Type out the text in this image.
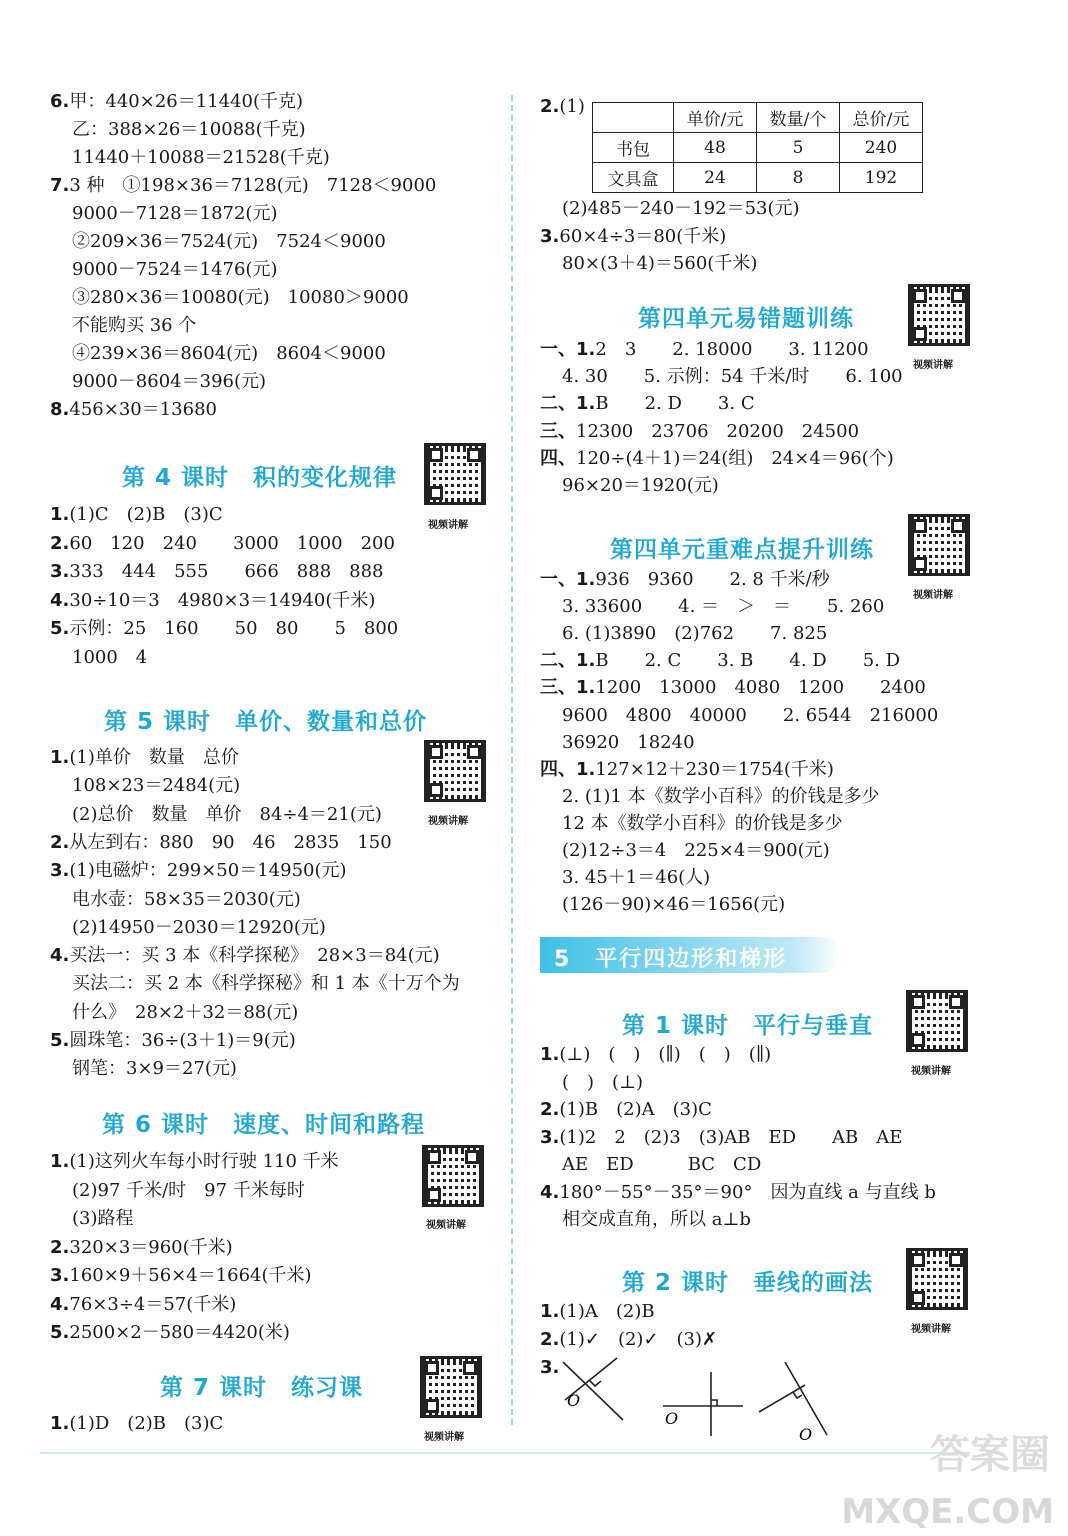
6.甲：440×26＝11440(千克)
乙：388×26＝10088(千克)
11440＋10088＝21528(千克)
7.3 种　①198×36＝7128(元)　7128＜9000
9000－7128＝1872(元)
②209×36＝7524(元)　7524＜9000
9000－7524＝1476(元)
③280×36＝10080(元)　10080＞9000
不能购买 36 个
④239×36＝8604(元)　8604＜9000
9000－8604＝396(元)
8.456×30＝13680
第 4 课时　积的变化规律
视频讲解
1.(1)C　(2)B　(3)C
2.60　120　240　　3000　1000　200
3.333　444　555　　666　888　888
4.30÷10＝3　4980×3＝14940(千米)
5.示例：25　160　　50　80　　5　800
1000　4
第 5 课时　单价、数量和总价
视频讲解
1.(1)单价　数量　总价
108×23＝2484(元)
(2)总价　数量　单价　84÷4＝21(元)
2.从左到右：880　90　46　2835　150
3.(1)电磁炉：299×50＝14950(元)
电水壶：58×35＝2030(元)
(2)14950－2030＝12920(元)
4.买法一：买 3 本《科学探秘》　28×3＝84(元)
买法二：买 2 本《科学探秘》和 1 本《十万个为
什么》　28×2＋32＝88(元)
5.圆珠笔：36÷(3＋1)＝9(元)
钢笔：3×9＝27(元)
第 6 课时　速度、时间和路程
视频讲解
1.(1)这列火车每小时行驶 110 千米
(2)97 千米/时　97 千米每时
(3)路程
2.320×3＝960(千米)
3.160×9＋56×4＝1664(千米)
4.76×3÷4＝57(千米)
5.2500×2－580＝4420(米)
第 7 课时　练习课
视频讲解
1.(1)D　(2)B　(3)C
2.(1)
	单价/元	数量/个	总价/元
书包	48	5	240
文具盒	24	8	192
(2)485－240－192＝53(元)
3.60×4÷3＝80(千米)
80×(3＋4)＝560(千米)
第四单元易错题训练
视频讲解
一、1.2　3　　2. 18000　　3. 11200
4. 30　　5. 示例：54 千米/时　　6. 100
二、1.B　　2. D　　3. C
三、12300　23706　20200　24500
四、120÷(4＋1)＝24(组)　24×4＝96(个)
96×20＝1920(元)
第四单元重难点提升训练
视频讲解
一、1.936　9360　　2. 8 千米/秒
3. 33600　　4. ＝　＞　＝　　5. 260
6. (1)3890　(2)762　　7. 825
二、1.B　　2. C　　3. B　　4. D　　5. D
三、1.1200　13000　4080　1200　　2400
9600　4800　40000　　2. 6544　216000
36920　18240
四、1.127×12＋230＝1754(千米)
2. (1)1 本《数学小百科》的价钱是多少
12 本《数学小百科》的价钱是多少
(2)12÷3＝4　225×4＝900(元)
3. 45＋1＝46(人)
(126－90)×46＝1656(元)
5　平行四边形和梯形
第 1 课时　平行与垂直
视频讲解
1.(⊥)　(　)　(∥)　(　)　(∥)
(　)　(⊥)
2.(1)B　(2)A　(3)C
3.(1)2　2　(2)3　(3)AB　ED　　AB　AE
AE　ED　　　BC　CD
4.180°－55°－35°＝90°　因为直线 a 与直线 b
相交成直角，所以 a⊥b
第 2 课时　垂线的画法
视频讲解
1.(1)A　(2)B
2.(1)✓　(2)✓　(3)✗
3.
O
O
O	答案圈
MXQE.COM
